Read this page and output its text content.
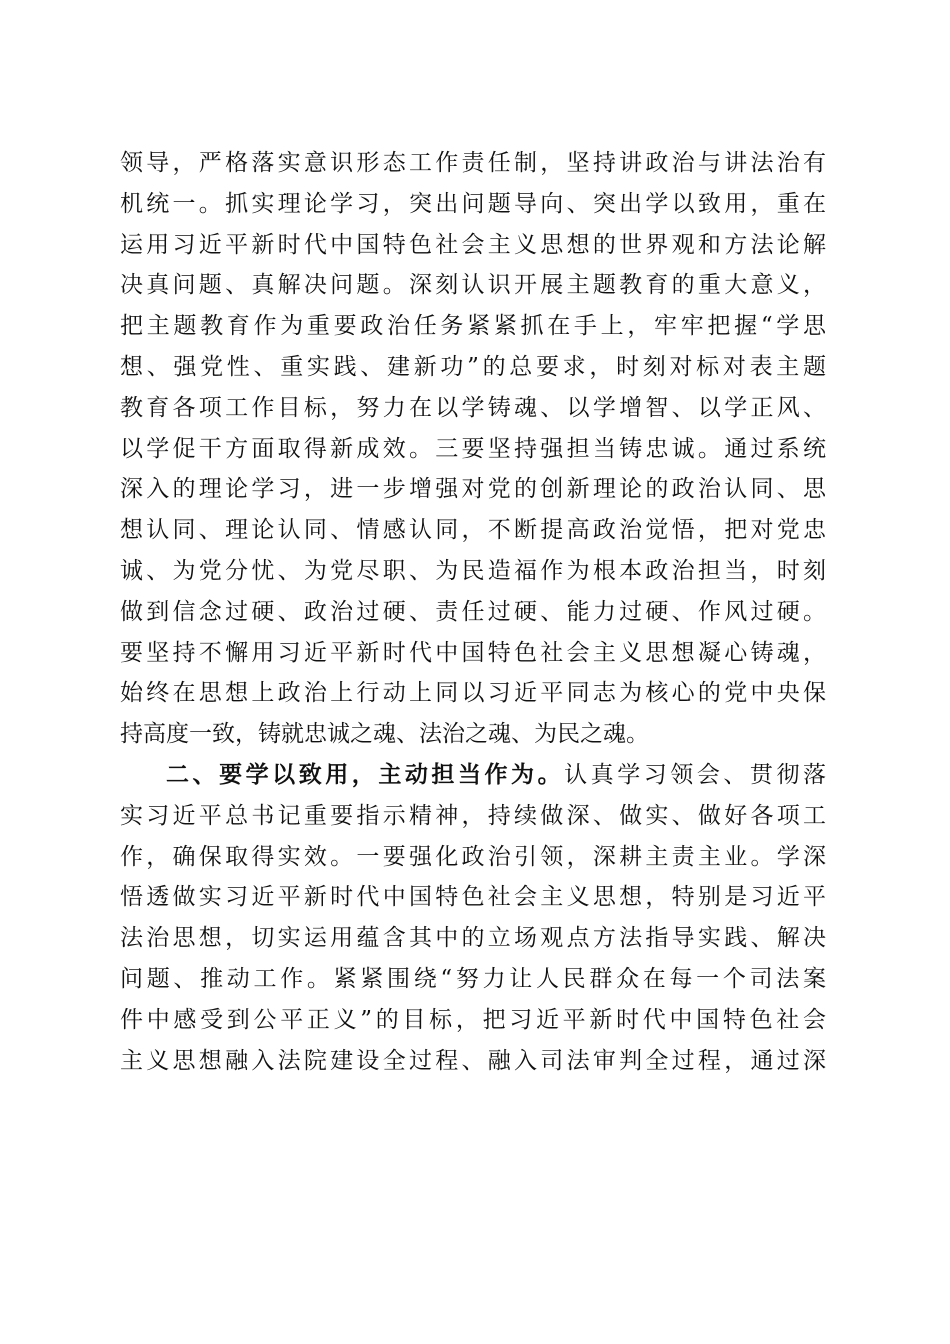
领导，严格落实意识形态工作责任制，坚持讲政治与讲法治有
机统一。抓实理论学习，突出问题导向、突出学以致用，重在
运用习近平新时代中国特色社会主义思想的世界观和方法论解
决真问题、真解决问题。深刻认识开展主题教育的重大意义，
把主题教育作为重要政治任务紧紧抓在手上，牢牢把握“学思
想、强党性、重实践、建新功”的总要求，时刻对标对表主题
教育各项工作目标，努力在以学铸魂、以学增智、以学正风、
以学促干方面取得新成效。三要坚持强担当铸忠诚。通过系统
深入的理论学习，进一步增强对党的创新理论的政治认同、思
想认同、理论认同、情感认同，不断提高政治觉悟，把对党忠
诚、为党分忧、为党尽职、为民造福作为根本政治担当，时刻
做到信念过硬、政治过硬、责任过硬、能力过硬、作风过硬。
要坚持不懈用习近平新时代中国特色社会主义思想凝心铸魂，
始终在思想上政治上行动上同以习近平同志为核心的党中央保
持高度一致，铸就忠诚之魂、法治之魂、为民之魂。
二、要学以致用，主动担当作为。认真学习领会、贯彻落
实习近平总书记重要指示精神，持续做深、做实、做好各项工
作，确保取得实效。一要强化政治引领，深耕主责主业。学深
悟透做实习近平新时代中国特色社会主义思想，特别是习近平
法治思想，切实运用蕴含其中的立场观点方法指导实践、解决
问题、推动工作。紧紧围绕“努力让人民群众在每一个司法案
件中感受到公平正义”的目标，把习近平新时代中国特色社会
主义思想融入法院建设全过程、融入司法审判全过程，通过深
